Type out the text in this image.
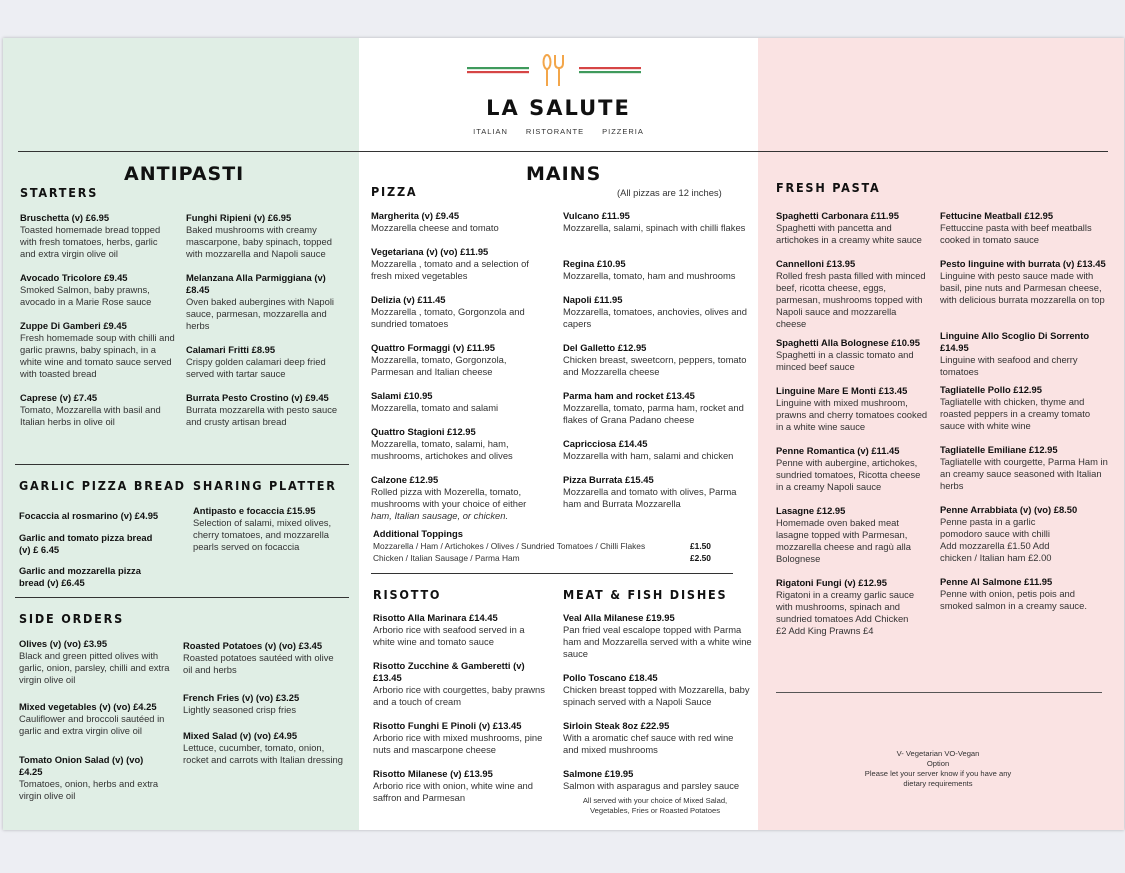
ANTIPASTI
STARTERS
Bruschetta (v) £6.95
Toasted homemade bread topped with fresh tomatoes, herbs, garlic and extra virgin olive oil
Funghi Ripieni (v) £6.95
Baked mushrooms with creamy mascarpone, baby spinach, topped with mozzarella and Napoli sauce
Avocado Tricolore £9.45
Smoked Salmon, baby prawns, avocado in a Marie Rose sauce
Melanzana Alla Parmiggiana (v) £8.45
Oven baked aubergines with Napoli sauce, parmesan, mozzarella and herbs
Zuppe Di Gamberi £9.45
Fresh homemade soup with chilli and garlic prawns, baby spinach, in a white wine and tomato sauce served with toasted bread
Calamari Fritti £8.95
Crispy golden calamari deep fried served with tartar sauce
Caprese (v) £7.45
Tomato, Mozzarella with basil and Italian herbs in olive oil
Burrata Pesto Crostino (v) £9.45
Burrata mozzarella with pesto sauce and crusty artisan bread
GARLIC PIZZA BREAD SHARING PLATTER
Focaccia al rosmarino (v) £4.95
Garlic and tomato pizza bread (v) £ 6.45
Garlic and mozzarella pizza bread (v) £6.45
Antipasto e focaccia £15.95
Selection of salami, mixed olives, cherry tomatoes, and mozzarella pearls served on focaccia
SIDE ORDERS
Olives (v) (vo) £3.95
Black and green pitted olives with garlic, onion, parsley, chilli and extra virgin olive oil
Roasted Potatoes (v) (vo) £3.45
Roasted potatoes sautéed with olive oil and herbs
French Fries (v) (vo) £3.25
Lightly seasoned crisp fries
Mixed vegetables (v) (vo) £4.25
Cauliflower and broccoli sautéed in garlic and extra virgin olive oil	Mixed Salad (v) (vo) £4.95
Lettuce, cucumber, tomato, onion, rocket and carrots with Italian dressing
Tomato Onion Salad (v) (vo) £4.25
Tomatoes, onion, herbs and extra virgin olive oil
LA SALUTE
ITALIAN RISTORANTE PIZZERIA
MAINS
PIZZA	(All pizzas are 12 inches)
Margherita (v) £9.45
Mozzarella cheese and tomato
Vulcano £11.95
Mozzarella, salami, spinach with chilli flakes
Vegetariana (v) (vo) £11.95
Mozzarella , tomato and a selection of fresh mixed vegetables
Regina £10.95
Mozzarella, tomato, ham and mushrooms
Delizia (v) £11.45
Mozzarella , tomato, Gorgonzola and sundried tomatoes
Napoli £11.95
Mozzarella, tomatoes, anchovies, olives and capers
Quattro Formaggi (v) £11.95
Mozzarella, tomato, Gorgonzola, Parmesan and Italian cheese
Del Galletto £12.95
Chicken breast, sweetcorn, peppers, tomato and Mozzarella cheese
Salami £10.95
Mozzarella, tomato and salami
Parma ham and rocket £13.45
Mozzarella, tomato, parma ham, rocket and flakes of Grana Padano cheese
Quattro Stagioni £12.95
Mozzarella, tomato, salami, ham, mushrooms, artichokes and olives
Capricciosa £14.45
Mozzarella with ham, salami and chicken
Calzone £12.95
Rolled pizza with Mozerella, tomato, mushrooms with your choice of either
ham, Italian sausage, or chicken.
Pizza Burrata £15.45
Mozzarella and tomato with olives, Parma ham and Burrata Mozzarella
Additional Toppings
Mozzarella / Ham / Artichokes / Olives / Sundried Tomatoes / Chilli Flakes	£1.50
Chicken / Italian Sausage / Parma Ham	£2.50
RISOTTO	MEAT & FISH DISHES
Risotto Alla Marinara £14.45
Arborio rice with seafood served in a white wine and tomato sauce
Risotto Zucchine & Gamberetti (v) £13.45
Arborio rice with courgettes, baby prawns and a touch of cream
Risotto Funghi E Pinoli (v) £13.45
Arborio rice with mixed mushrooms, pine nuts and mascarpone cheese
Risotto Milanese (v) £13.95
Arborio rice with onion, white wine and saffron and Parmesan
Veal Alla Milanese £19.95
Pan fried veal escalope topped with Parma ham and Mozzarella served with a white wine sauce
Pollo Toscano £18.45
Chicken breast topped with Mozzarella, baby spinach served with a Napoli Sauce
Sirloin Steak 8oz £22.95
With a aromatic chef sauce with red wine and mixed mushrooms
Salmone £19.95
Salmon with asparagus and parsley sauce
All served with your choice of Mixed Salad, Vegetables, Fries or Roasted Potatoes
FRESH PASTA
Spaghetti Carbonara £11.95
Spaghetti with pancetta and artichokes in a creamy white sauce
Fettucine Meatball £12.95
Fettuccine pasta with beef meatballs cooked in tomato sauce
Cannelloni £13.95
Rolled fresh pasta filled with minced beef, ricotta cheese, eggs, parmesan, mushrooms topped with Napoli sauce and mozzarella cheese
Pesto linguine with burrata (v) £13.45
Linguine with pesto sauce made with basil, pine nuts and Parmesan cheese, with delicious burrata mozzarella on top
Spaghetti Alla Bolognese £10.95
Spaghetti in a classic tomato and minced beef sauce
Linguine Allo Scoglio Di Sorrento £14.95
Linguine with seafood and cherry tomatoes
Linguine Mare E Monti £13.45
Linguine with mixed mushroom, prawns and cherry tomatoes cooked in a white wine sauce
Tagliatelle Pollo £12.95
Tagliatelle with chicken, thyme and roasted peppers in a creamy tomato sauce with white wine
Penne Romantica (v) £11.45
Penne with aubergine, artichokes, sundried tomatoes, Ricotta cheese in a creamy Napoli sauce
Tagliatelle Emiliane £12.95
Tagliatelle with courgette, Parma Ham in an creamy sauce seasoned with Italian herbs
Lasagne £12.95
Homemade oven baked meat lasagne topped with Parmesan, mozzarella cheese and ragù alla Bolognese
Penne Arrabbiata (v) (vo) £8.50
Penne pasta in a garlic pomodoro sauce with chilli Add mozzarella £1.50 Add chicken / Italian ham £2.00
Rigatoni Fungi (v) £12.95
Rigatoni in a creamy garlic sauce with mushrooms, spinach and sundried tomatoes Add Chicken £2 Add King Prawns £4
Penne Al Salmone £11.95
Penne with onion, petis pois and smoked salmon in a creamy sauce.
V- Vegetarian VO-Vegan
Option
Please let your server know if you have any dietary requirements
